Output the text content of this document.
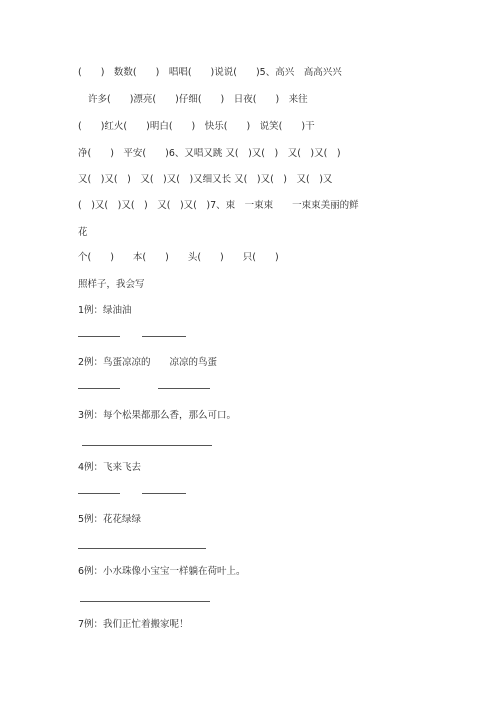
(　　)　数数(　　)　唱唱(　　)说说(　　)5、高兴　高高兴兴
许多(　　)漂亮(　　)仔细(　　)　日夜(　　)　来往
(　　)红火(　　)明白(　　)　快乐(　　)　说笑(　　)干
净(　　)　平安(　　)6、又唱又跳 又(　)又(　)　又(　)又(　)
又(　)又(　)　又(　)又(　)又细又长 又(　)又(　)　又(　)又
(　)又(　)又(　)　又(　)又(　)7、束　一束束　　一束束美丽的鲜
花
个(　　)　　本(　　)　　头(　　)　　只(　　)
照样子，我会写
1例：绿油油
2例：鸟蛋凉凉的　　凉凉的鸟蛋
3例：每个松果都那么香，那么可口。
4例：飞来飞去
5例：花花绿绿
6例：小水珠像小宝宝一样躺在荷叶上。
7例：我们正忙着搬家呢！
